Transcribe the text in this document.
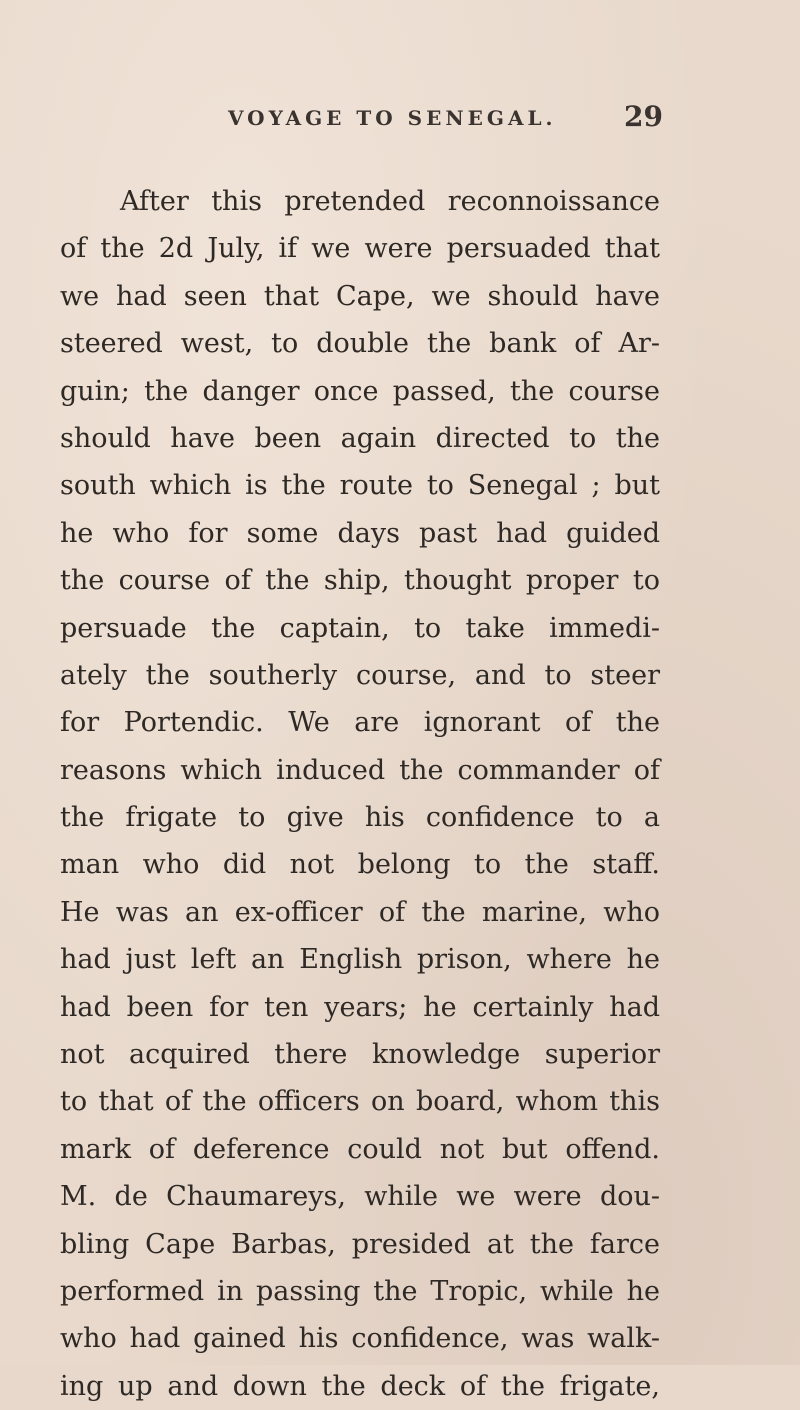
VOYAGE TO SENEGAL. 29
After this pretended reconnoissance
of the 2d July, if we were persuaded that
we had seen that Cape, we should have
steered west, to double the bank of Ar-
guin; the danger once passed, the course
should have been again directed to the
south which is the route to Senegal ; but
he who for some days past had guided
the course of the ship, thought proper to
persuade the captain, to take immedi-
ately the southerly course, and to steer
for Portendic. We are ignorant of the
reasons which induced the commander of
the frigate to give his confidence to a
man who did not belong to the staff.
He was an ex-officer of the marine, who
had just left an English prison, where he
had been for ten years; he certainly had
not acquired there knowledge superior
to that of the officers on board, whom this
mark of deference could not but offend.
M. de Chaumareys, while we were dou-
bling Cape Barbas, presided at the farce
performed in passing the Tropic, while he
who had gained his confidence, was walk-
ing up and down the deck of the frigate,
